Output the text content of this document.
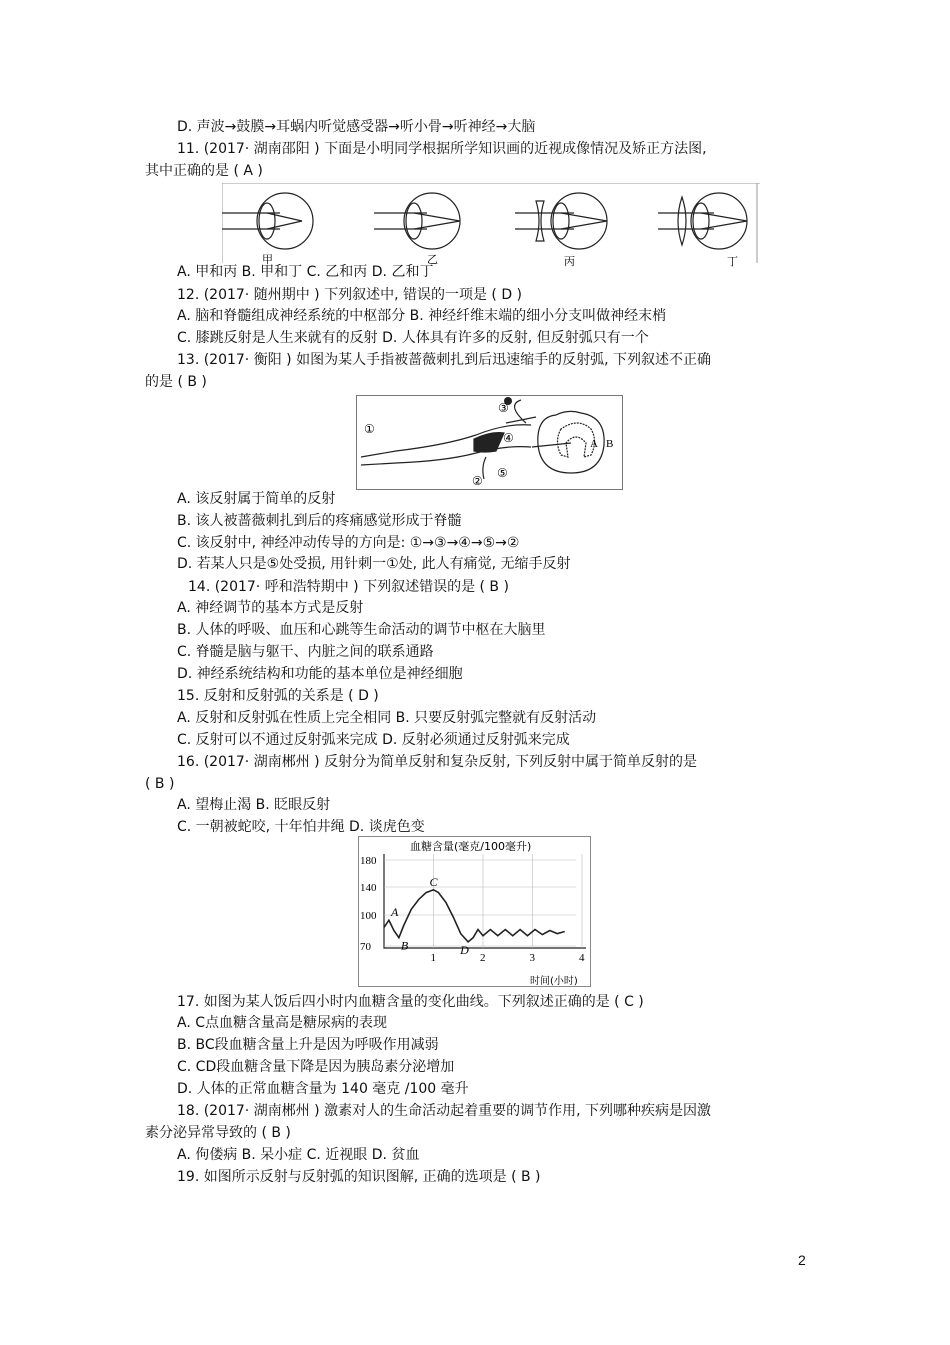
D. 声波→鼓膜→耳蜗内听觉感受器→听小骨→听神经→大脑
11. (2017· 湖南邵阳 ) 下面是小明同学根据所学知识画的近视成像情况及矫正方法图,
其中正确的是 ( A )
甲	乙	丙	丁
A. 甲和丙 B. 甲和丁 C. 乙和丙 D. 乙和丁
12. (2017· 随州期中 ) 下列叙述中, 错误的一项是 ( D )
A. 脑和脊髓组成神经系统的中枢部分 B. 神经纤维末端的细小分支叫做神经末梢
C. 膝跳反射是人生来就有的反射 D. 人体具有许多的反射, 但反射弧只有一个
13. (2017· 衡阳 ) 如图为某人手指被蔷薇刺扎到后迅速缩手的反射弧, 下列叙述不正确
的是 ( B )
①
②
③
④
⑤
A B
A. 该反射属于简单的反射
B. 该人被蔷薇刺扎到后的疼痛感觉形成于脊髓
C. 该反射中, 神经冲动传导的方向是: ①→③→④→⑤→②
D. 若某人只是⑤处受损, 用针刺一①处, 此人有痛觉, 无缩手反射
14. (2017· 呼和浩特期中 ) 下列叙述错误的是 ( B )
A. 神经调节的基本方式是反射
B. 人体的呼吸、血压和心跳等生命活动的调节中枢在大脑里
C. 脊髓是脑与躯干、内脏之间的联系通路
D. 神经系统结构和功能的基本单位是神经细胞
15. 反射和反射弧的关系是 ( D )
A. 反射和反射弧在性质上完全相同 B. 只要反射弧完整就有反射活动
C. 反射可以不通过反射弧来完成 D. 反射必须通过反射弧来完成
16. (2017· 湖南郴州 ) 反射分为简单反射和复杂反射, 下列反射中属于简单反射的是
( B )
A. 望梅止渴 B. 眨眼反射
C. 一朝被蛇咬, 十年怕井绳 D. 谈虎色变
70
100
140
180
1	2	3	4
A
B
C
D
血糖含量(毫克/100毫升)
时间(小时)
17. 如图为某人饭后四小时内血糖含量的变化曲线。下列叙述正确的是 ( C )
A. C点血糖含量高是糖尿病的表现
B. BC段血糖含量上升是因为呼吸作用减弱
C. CD段血糖含量下降是因为胰岛素分泌增加
D. 人体的正常血糖含量为 140 毫克 /100 毫升
18. (2017· 湖南郴州 ) 激素对人的生命活动起着重要的调节作用, 下列哪种疾病是因激
素分泌异常导致的 ( B )
A. 佝偻病 B. 呆小症 C. 近视眼 D. 贫血
19. 如图所示反射与反射弧的知识图解, 正确的选项是 ( B )
2
